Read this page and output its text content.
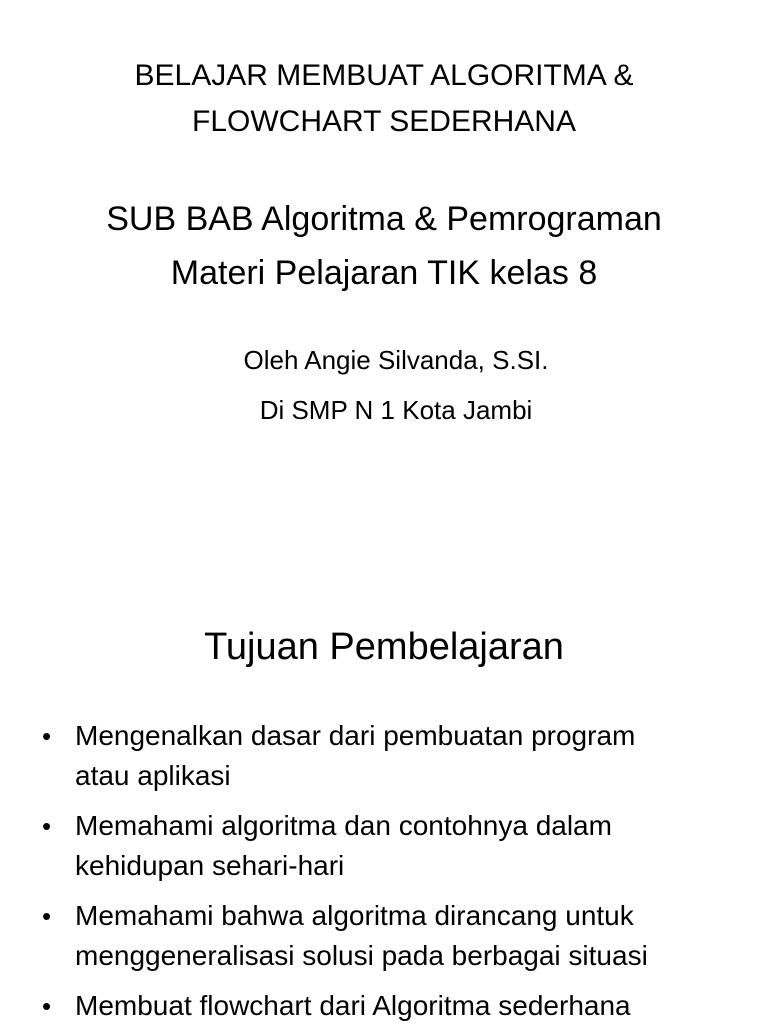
BELAJAR MEMBUAT ALGORITMA &
FLOWCHART SEDERHANA
SUB BAB Algoritma & Pemrograman
Materi Pelajaran TIK kelas 8
Oleh Angie Silvanda, S.SI.
Di SMP N 1 Kota Jambi
Tujuan Pembelajaran
• Mengenalkan dasar dari pembuatan program
atau aplikasi
• Memahami algoritma dan contohnya dalam
kehidupan sehari-hari
• Memahami bahwa algoritma dirancang untuk
menggeneralisasi solusi pada berbagai situasi
• Membuat flowchart dari Algoritma sederhana
